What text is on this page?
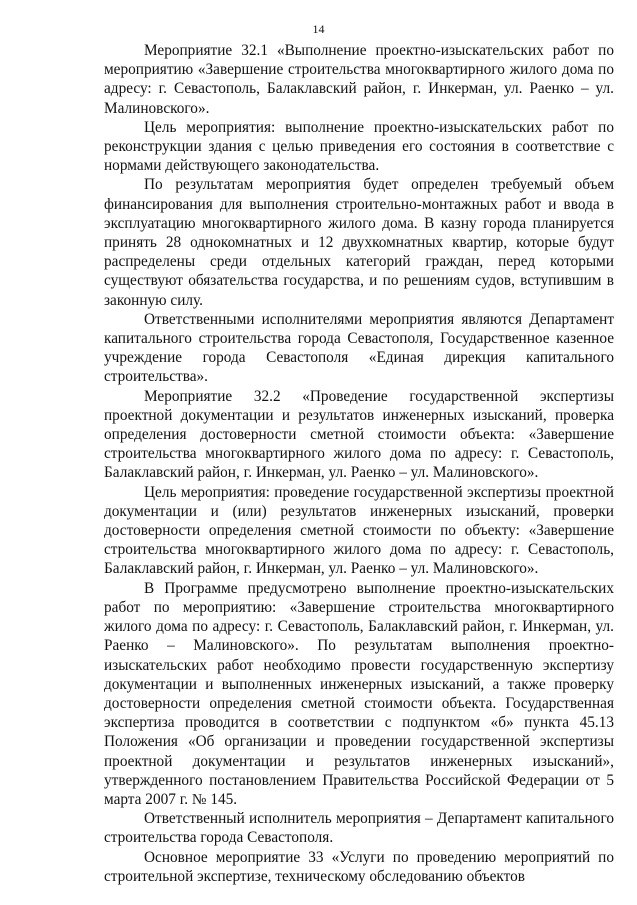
14

Мероприятие 32.1 «Выполнение проектно-изыскательских работ по мероприятию «Завершение строительства многоквартирного жилого дома по адресу: г. Севастополь, Балаклавский район, г. Инкерман, ул. Раенко – ул. Малиновского».

Цель мероприятия: выполнение проектно-изыскательских работ по реконструкции здания с целью приведения его состояния в соответствие с нормами действующего законодательства.

По результатам мероприятия будет определен требуемый объем финансирования для выполнения строительно-монтажных работ и ввода в эксплуатацию многоквартирного жилого дома. В казну города планируется принять 28 однокомнатных и 12 двухкомнатных квартир, которые будут распределены среди отдельных категорий граждан, перед которыми существуют обязательства государства, и по решениям судов, вступившим в законную силу.

Ответственными исполнителями мероприятия являются Департамент капитального строительства города Севастополя, Государственное казенное учреждение города Севастополя «Единая дирекция капитального строительства».

Мероприятие 32.2 «Проведение государственной экспертизы проектной документации и результатов инженерных изысканий, проверка определения достоверности сметной стоимости объекта: «Завершение строительства многоквартирного жилого дома по адресу: г. Севастополь, Балаклавский район, г. Инкерман, ул. Раенко – ул. Малиновского».

Цель мероприятия: проведение государственной экспертизы проектной документации и (или) результатов инженерных изысканий, проверки достоверности определения сметной стоимости по объекту: «Завершение строительства многоквартирного жилого дома по адресу: г. Севастополь, Балаклавский район, г. Инкерман, ул. Раенко – ул. Малиновского».

В Программе предусмотрено выполнение проектно-изыскательских работ по мероприятию: «Завершение строительства многоквартирного жилого дома по адресу: г. Севастополь, Балаклавский район, г. Инкерман, ул. Раенко – Малиновского». По результатам выполнения проектно-изыскательских работ необходимо провести государственную экспертизу документации и выполненных инженерных изысканий, а также проверку достоверности определения сметной стоимости объекта. Государственная экспертиза проводится в соответствии с подпунктом «б» пункта 45.13 Положения «Об организации и проведении государственной экспертизы проектной документации и результатов инженерных изысканий», утвержденного постановлением Правительства Российской Федерации от 5 марта 2007 г. № 145.

Ответственный исполнитель мероприятия – Департамент капитального строительства города Севастополя.

Основное мероприятие 33 «Услуги по проведению мероприятий по строительной экспертизе, техническому обследованию объектов
